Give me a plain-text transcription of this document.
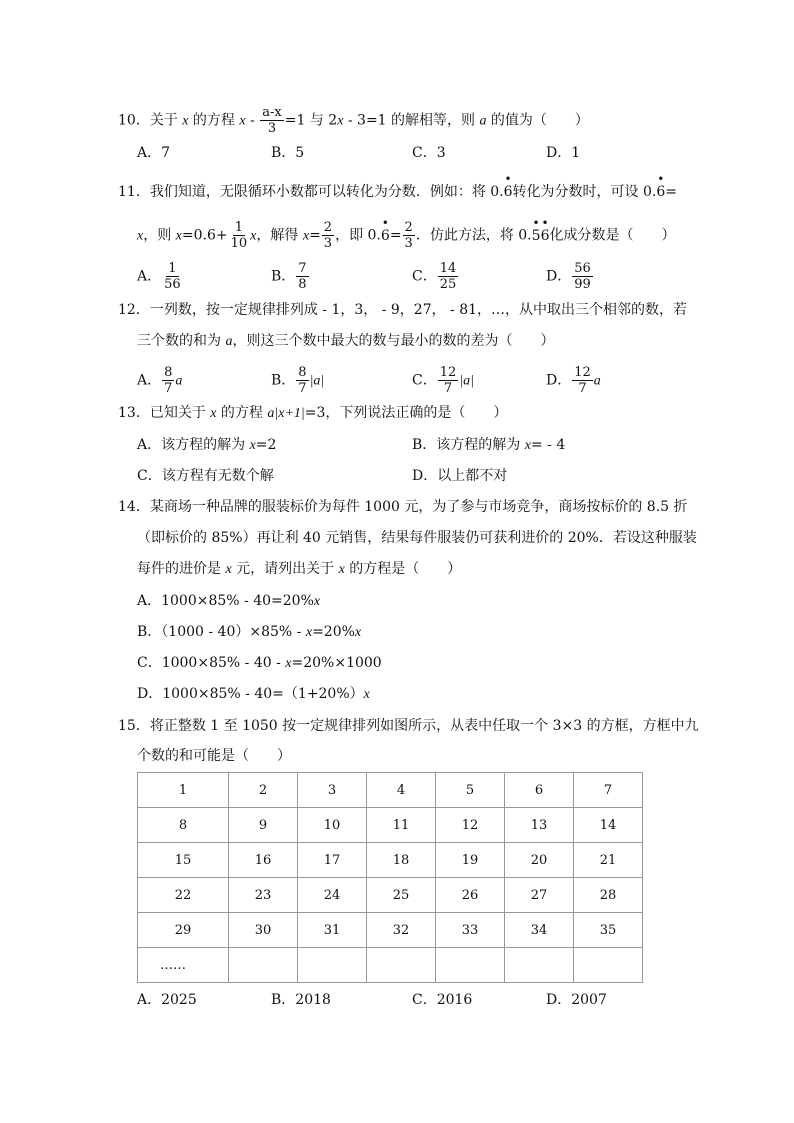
10．关于 x 的方程 $x - \frac{a-x}{3} =1$ 与 2x - 3=1 的解相等，则 a 的值为（　　）
A．7	B．5	C．3	D．1
11．我们知道，无限循环小数都可以转化为分数．例如：将 0.6
•
转化为分数时，可设 0.6
•
=
x，则 $x=0.6+ \frac{1}{10}$ x，解得 $x= \frac{2}{3}$ ，即 0.6
•
= $\frac{2}{3}$ ．仿此方法，将 0.5
•
6
•
化成分数是（　　）
A． $\frac{1}{56}$	B． $\frac{7}{8}$	C． $\frac{14}{25}$	D． $\frac{56}{99}$
12．一列数，按一定规律排列成 - 1，3， - 9，27， - 81，…，从中取出三个相邻的数，若
三个数的和为 a，则这三个数中最大的数与最小的数的差为（　　）
A． $\frac{8}{7}$ a	B． $\frac{8}{7} |a|$	C． $\frac{12}{7} |a|$	D． $\frac{12}{7}$ a
13．已知关于 x 的方程 a|x+1|=3，下列说法正确的是（　　）
A．该方程的解为 x=2	B．该方程的解为 x= - 4
C．该方程有无数个解	D．以上都不对
14．某商场一种品牌的服装标价为每件 1000 元，为了参与市场竞争，商场按标价的 8.5 折
（即标价的 85%）再让利 40 元销售，结果每件服装仍可获利进价的 20%．若设这种服装
每件的进价是 x 元，请列出关于 x 的方程是（　　）
A．1000×85% - 40=20%x
B．（1000 - 40）×85% - x=20%x
C．1000×85% - 40 - x=20%×1000
D．1000×85% - 40=（1+20%）x
15．将正整数 1 至 1050 按一定规律排列如图所示，从表中任取一个 3×3 的方框，方框中九
个数的和可能是（　　）
1	2	3	4	5	6	7
8	9	10	11	12	13	14
15	16	17	18	19	20	21
22	23	24	25	26	27	28
29	30	31	32	33	34	35
……						
A．2025	B．2018	C．2016	D．2007
